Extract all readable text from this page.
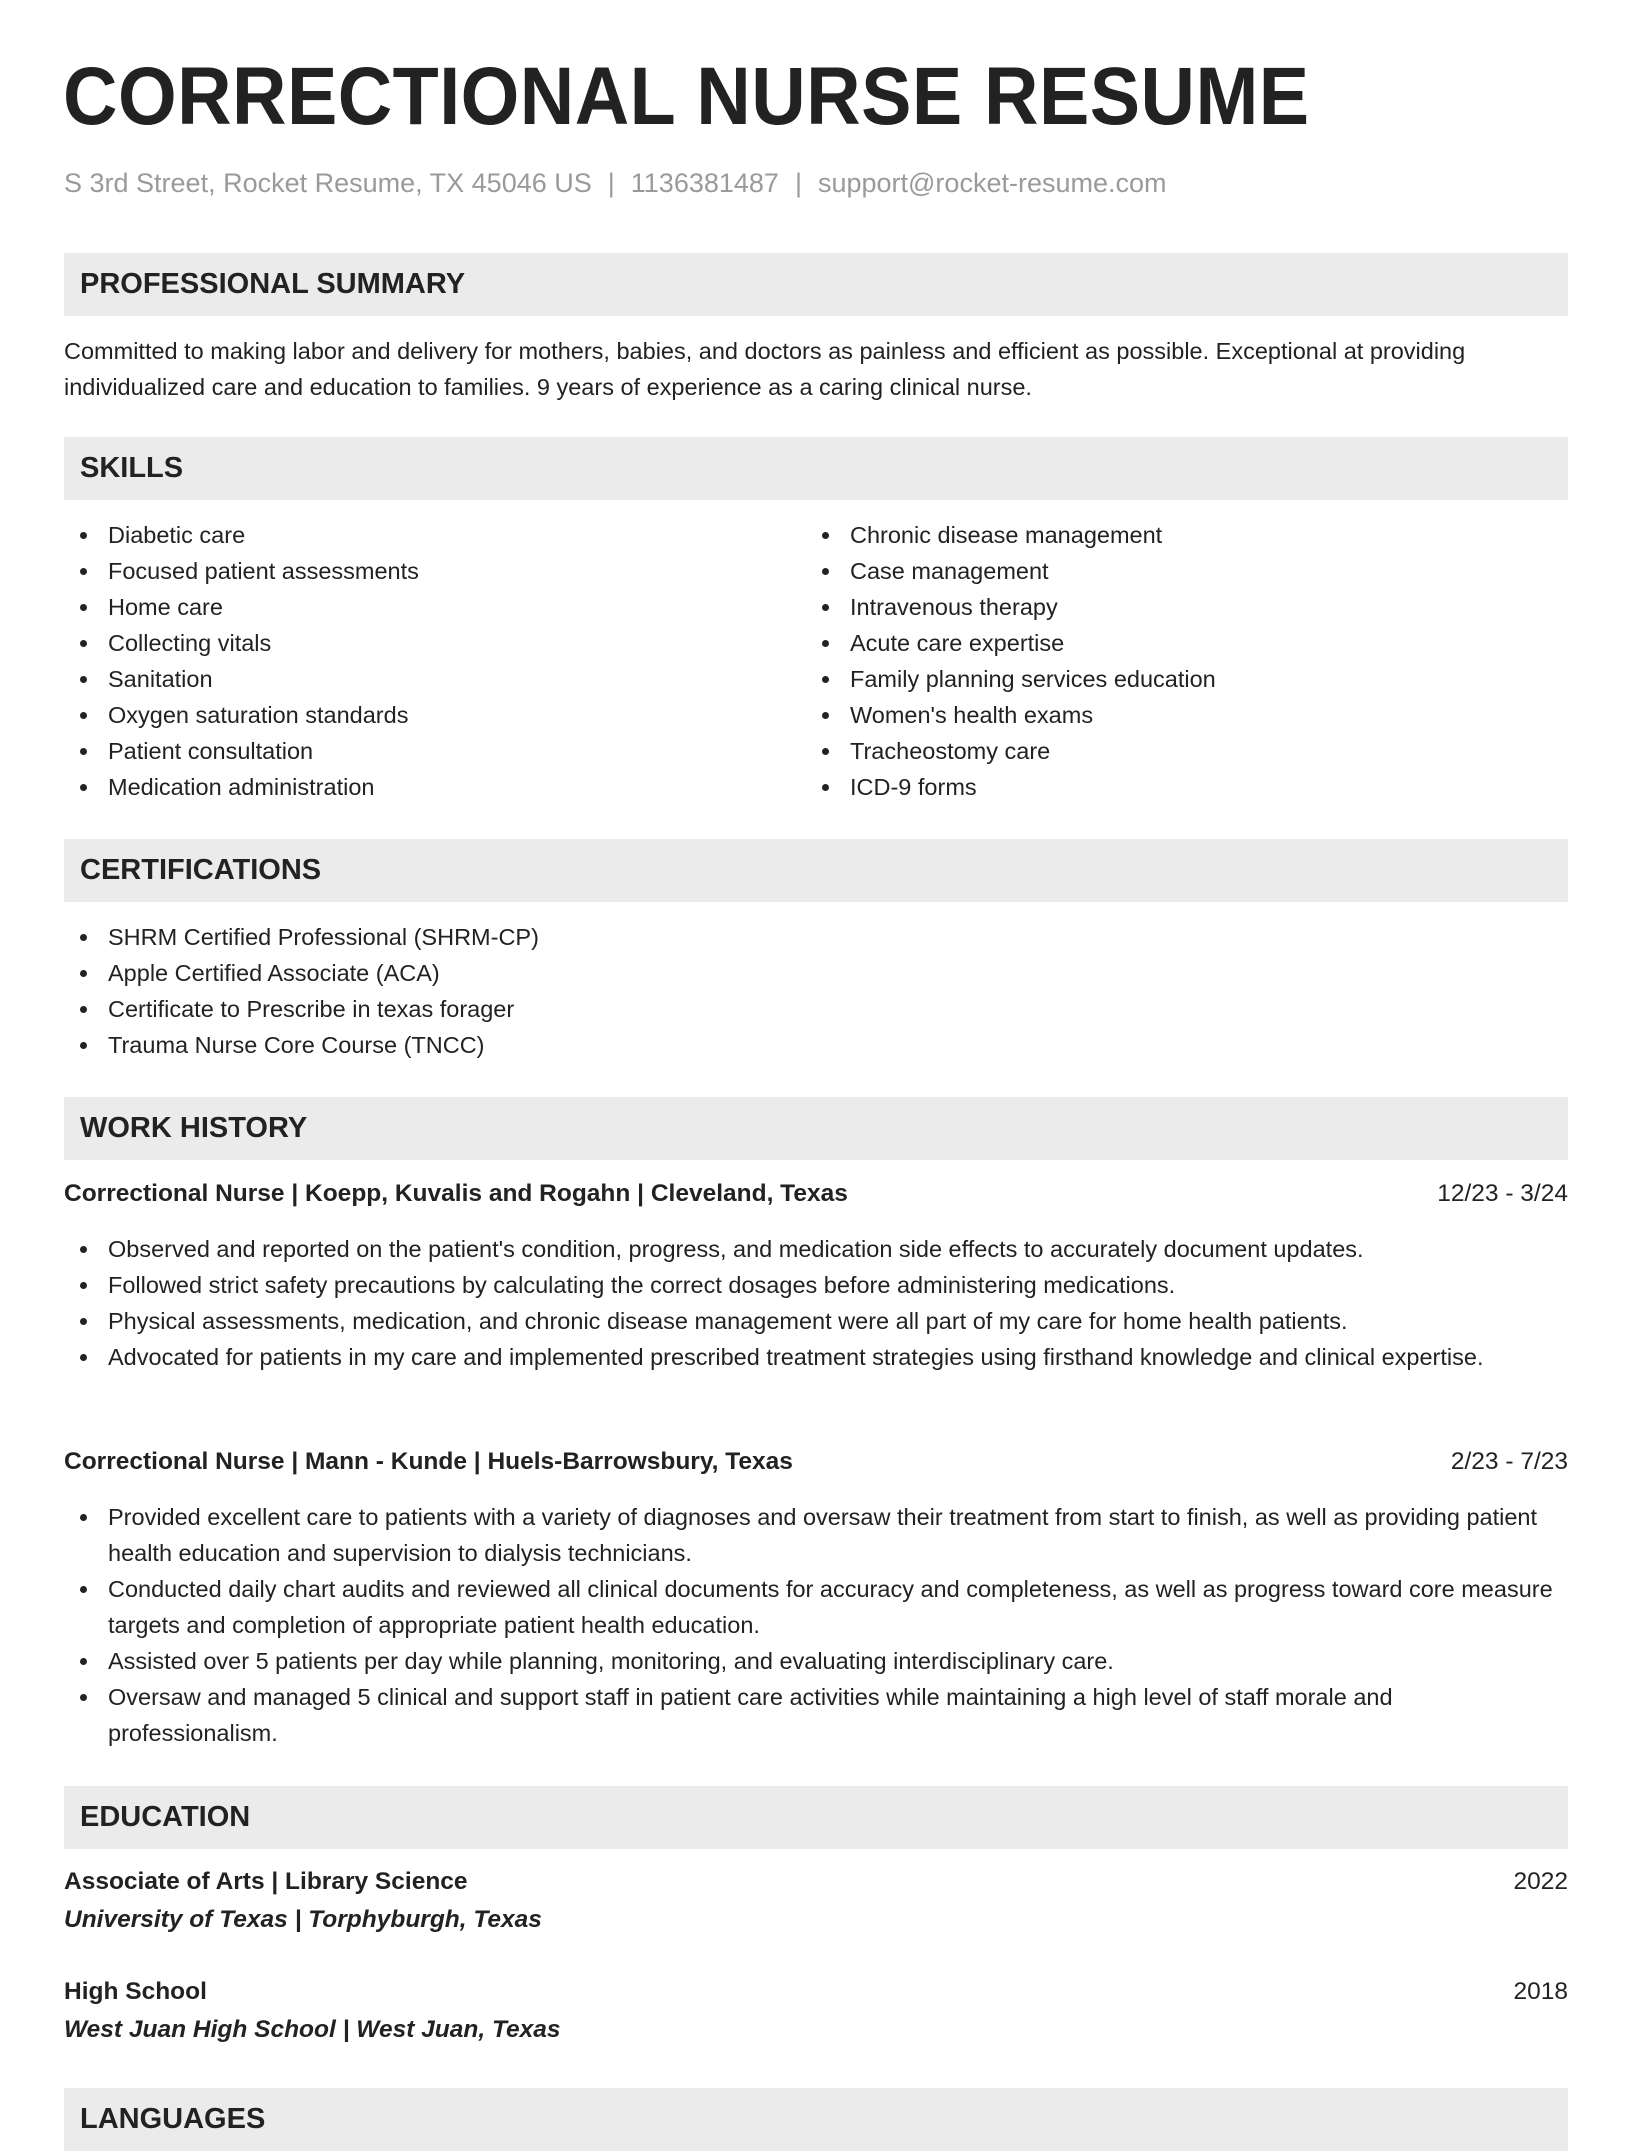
CORRECTIONAL NURSE RESUME
S 3rd Street, Rocket Resume, TX 45046 US | 1136381487 | support@rocket-resume.com
PROFESSIONAL SUMMARY
Committed to making labor and delivery for mothers, babies, and doctors as painless and efficient as possible. Exceptional at providing individualized care and education to families. 9 years of experience as a caring clinical nurse.
SKILLS
Diabetic care
Focused patient assessments
Home care
Collecting vitals
Sanitation
Oxygen saturation standards
Patient consultation
Medication administration
Chronic disease management
Case management
Intravenous therapy
Acute care expertise
Family planning services education
Women's health exams
Tracheostomy care
ICD-9 forms
CERTIFICATIONS
SHRM Certified Professional (SHRM-CP)
Apple Certified Associate (ACA)
Certificate to Prescribe in texas forager
Trauma Nurse Core Course (TNCC)
WORK HISTORY
Correctional Nurse | Koepp, Kuvalis and Rogahn | Cleveland, Texas	12/23 - 3/24
Observed and reported on the patient's condition, progress, and medication side effects to accurately document updates.
Followed strict safety precautions by calculating the correct dosages before administering medications.
Physical assessments, medication, and chronic disease management were all part of my care for home health patients.
Advocated for patients in my care and implemented prescribed treatment strategies using firsthand knowledge and clinical expertise.
Correctional Nurse | Mann - Kunde | Huels-Barrowsbury, Texas	2/23 - 7/23
Provided excellent care to patients with a variety of diagnoses and oversaw their treatment from start to finish, as well as providing patient health education and supervision to dialysis technicians.
Conducted daily chart audits and reviewed all clinical documents for accuracy and completeness, as well as progress toward core measure targets and completion of appropriate patient health education.
Assisted over 5 patients per day while planning, monitoring, and evaluating interdisciplinary care.
Oversaw and managed 5 clinical and support staff in patient care activities while maintaining a high level of staff morale and professionalism.
EDUCATION
Associate of Arts | Library Science	2022
University of Texas | Torphyburgh, Texas
High School	2018
West Juan High School | West Juan, Texas
LANGUAGES
